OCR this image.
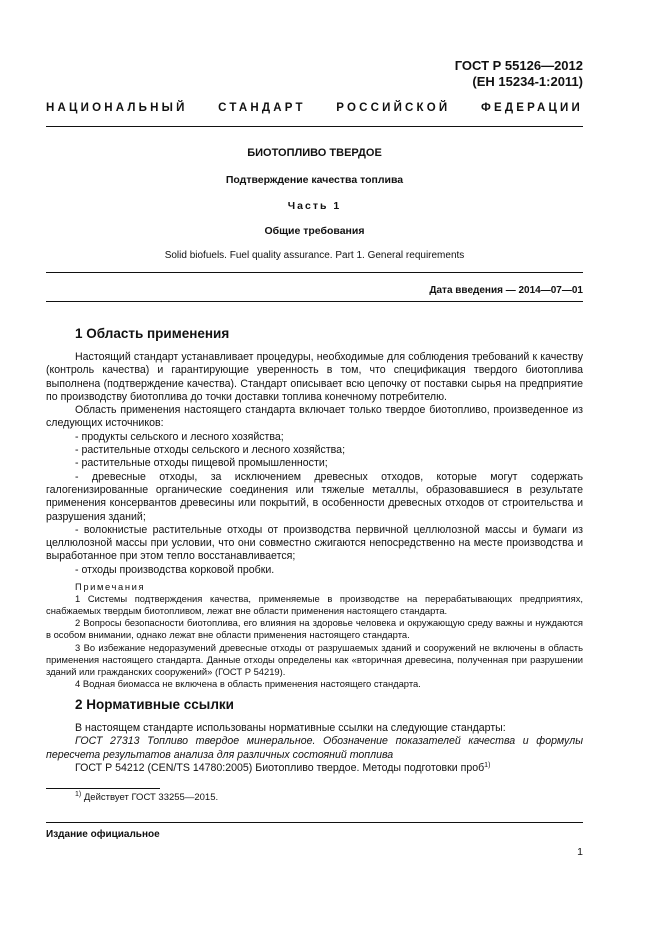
ГОСТ Р 55126—2012
(ЕН 15234-1:2011)
НАЦИОНАЛЬНЫЙ СТАНДАРТ РОССИЙСКОЙ ФЕДЕРАЦИИ
БИОТОПЛИВО ТВЕРДОЕ
Подтверждение качества топлива
Часть 1
Общие требования
Solid biofuels. Fuel quality assurance. Part 1. General requirements
Дата введения — 2014—07—01
1 Область применения

Настоящий стандарт устанавливает процедуры, необходимые для соблюдения требований к качеству (контроль качества) и гарантирующие уверенность в том, что спецификация твердого биотоплива выполнена (подтверждение качества). Стандарт описывает всю цепочку от поставки сырья на предприятие по производству биотоплива до точки доставки топлива конечному потребителю.

Область применения настоящего стандарта включает только твердое биотопливо, произведенное из следующих источников:

- продукты сельского и лесного хозяйства;

- растительные отходы сельского и лесного хозяйства;

- растительные отходы пищевой промышленности;

- древесные отходы, за исключением древесных отходов, которые могут содержать галогенизированные органические соединения или тяжелые металлы, образовавшиеся в результате применения консервантов древесины или покрытий, в особенности древесных отходов от строительства и разрушения зданий;

- волокнистые растительные отходы от производства первичной целлюлозной массы и бумаги из целлюлозной массы при условии, что они совместно сжигаются непосредственно на месте производства и выработанное при этом тепло восстанавливается;

- отходы производства корковой пробки.

Примечания

1 Системы подтверждения качества, применяемые в производстве на перерабатывающих предприятиях, снабжаемых твердым биотопливом, лежат вне области применения настоящего стандарта.

2 Вопросы безопасности биотоплива, его влияния на здоровье человека и окружающую среду важны и нуждаются в особом внимании, однако лежат вне области применения настоящего стандарта.

3 Во избежание недоразумений древесные отходы от разрушаемых зданий и сооружений не включены в область применения настоящего стандарта. Данные отходы определены как «вторичная древесина, полученная при разрушении зданий или гражданских сооружений» (ГОСТ Р 54219).

4 Водная биомасса не включена в область применения настоящего стандарта.

2 Нормативные ссылки

В настоящем стандарте использованы нормативные ссылки на следующие стандарты:

ГОСТ 27313 Топливо твердое минеральное. Обозначение показателей качества и формулы пересчета результатов анализа для различных состояний топлива

ГОСТ Р 54212 (CEN/TS 14780:2005) Биотопливо твердое. Методы подготовки проб$^{1)}$

$^{1)}$ Действует ГОСТ 33255—2015.
Издание официальное
1
